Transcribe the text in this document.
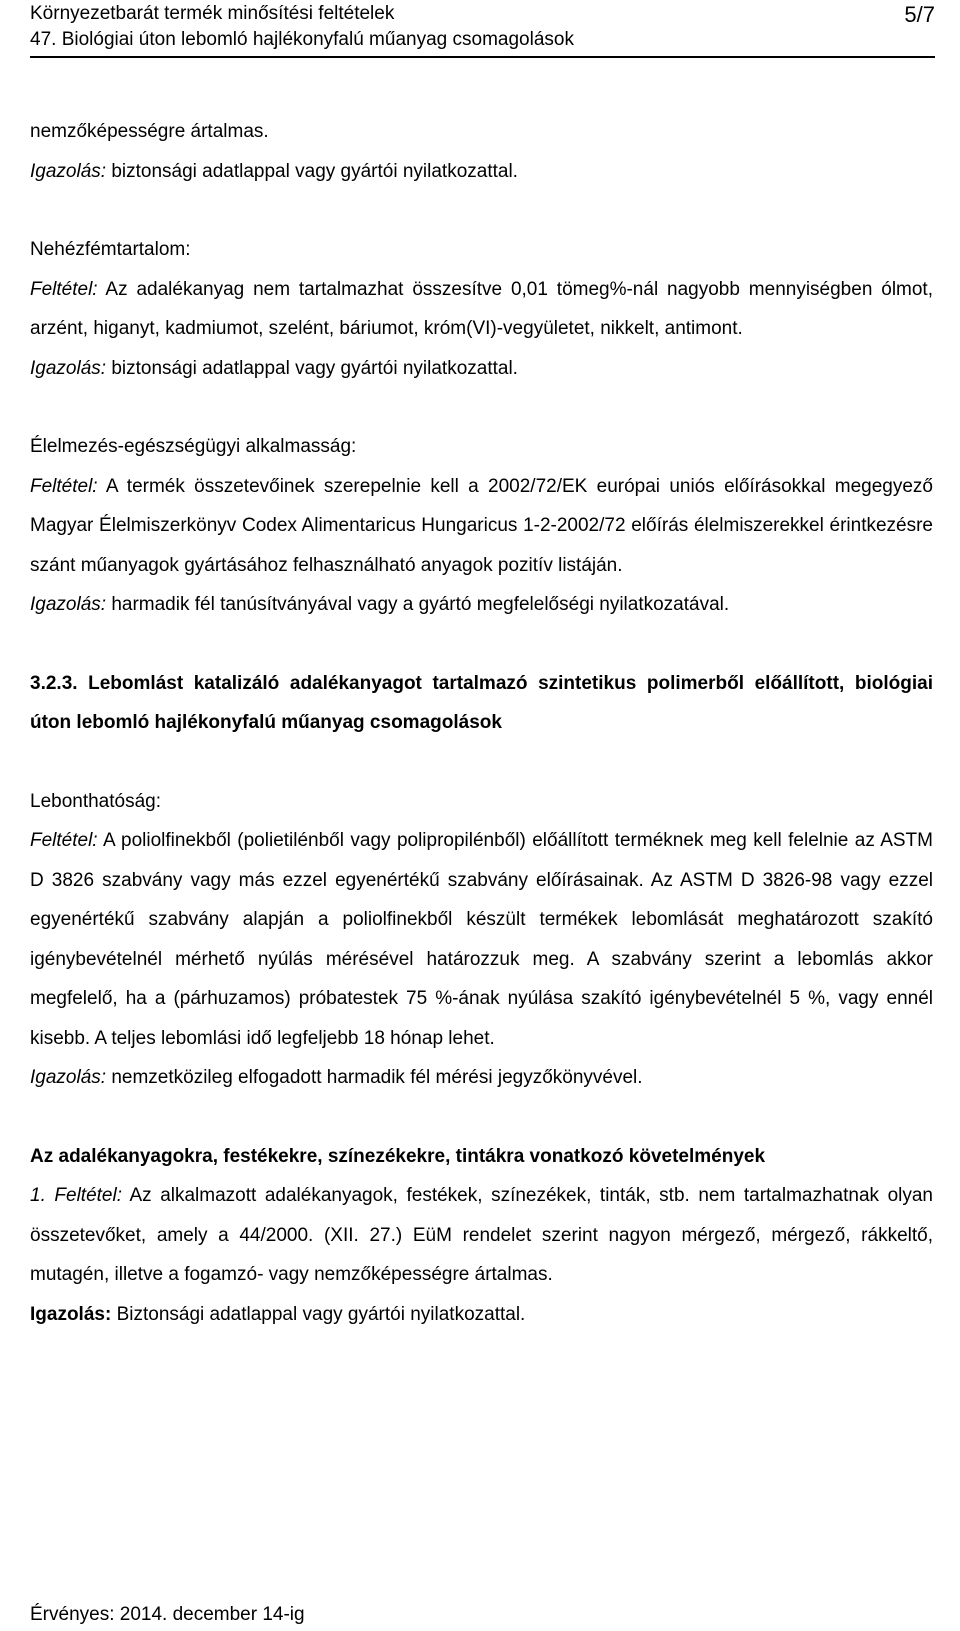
Környezetbarát termék minősítési feltételek
47. Biológiai úton lebomló hajlékonyfalú műanyag csomagolások
5/7

nemzőképességre ártalmas.

Igazolás: biztonsági adatlappal vagy gyártói nyilatkozattal.

Nehézfémtartalom:

Feltétel: Az adalékanyag nem tartalmazhat összesítve 0,01 tömeg%-nál nagyobb mennyiségben ólmot, arzént, higanyt, kadmiumot, szelént, báriumot, króm(VI)-vegyületet, nikkelt, antimont.

Igazolás: biztonsági adatlappal vagy gyártói nyilatkozattal.

Élelmezés-egészségügyi alkalmasság:

Feltétel: A termék összetevőinek szerepelnie kell a 2002/72/EK európai uniós előírásokkal megegyező Magyar Élelmiszerkönyv Codex Alimentaricus Hungaricus 1-2-2002/72 előírás élelmiszerekkel érintkezésre szánt műanyagok gyártásához felhasználható anyagok pozitív listáján.

Igazolás: harmadik fél tanúsítványával vagy a gyártó megfelelőségi nyilatkozatával.

3.2.3. Lebomlást katalizáló adalékanyagot tartalmazó szintetikus polimerből előállított, biológiai úton lebomló hajlékonyfalú műanyag csomagolások

Lebonthatóság:

Feltétel: A poliolfinekből (polietilénből vagy polipropilénből) előállított terméknek meg kell felelnie az ASTM D 3826 szabvány vagy más ezzel egyenértékű szabvány előírásainak. Az ASTM D 3826-98 vagy ezzel egyenértékű szabvány alapján a poliolfinekből készült termékek lebomlását meghatározott szakító igénybevételnél mérhető nyúlás mérésével határozzuk meg. A szabvány szerint a lebomlás akkor megfelelő, ha a (párhuzamos) próbatestek 75 %-ának nyúlása szakító igénybevételnél 5 %, vagy ennél kisebb. A teljes lebomlási idő legfeljebb 18 hónap lehet.

Igazolás: nemzetközileg elfogadott harmadik fél mérési jegyzőkönyvével.

Az adalékanyagokra, festékekre, színezékekre, tintákra vonatkozó követelmények

1. Feltétel: Az alkalmazott adalékanyagok, festékek, színezékek, tinták, stb. nem tartalmazhatnak olyan összetevőket, amely a 44/2000. (XII. 27.) EüM rendelet szerint nagyon mérgező, mérgező, rákkeltő, mutagén, illetve a fogamzó- vagy nemzőképességre ártalmas.

Igazolás: Biztonsági adatlappal vagy gyártói nyilatkozattal.

Érvényes: 2014. december 14-ig
